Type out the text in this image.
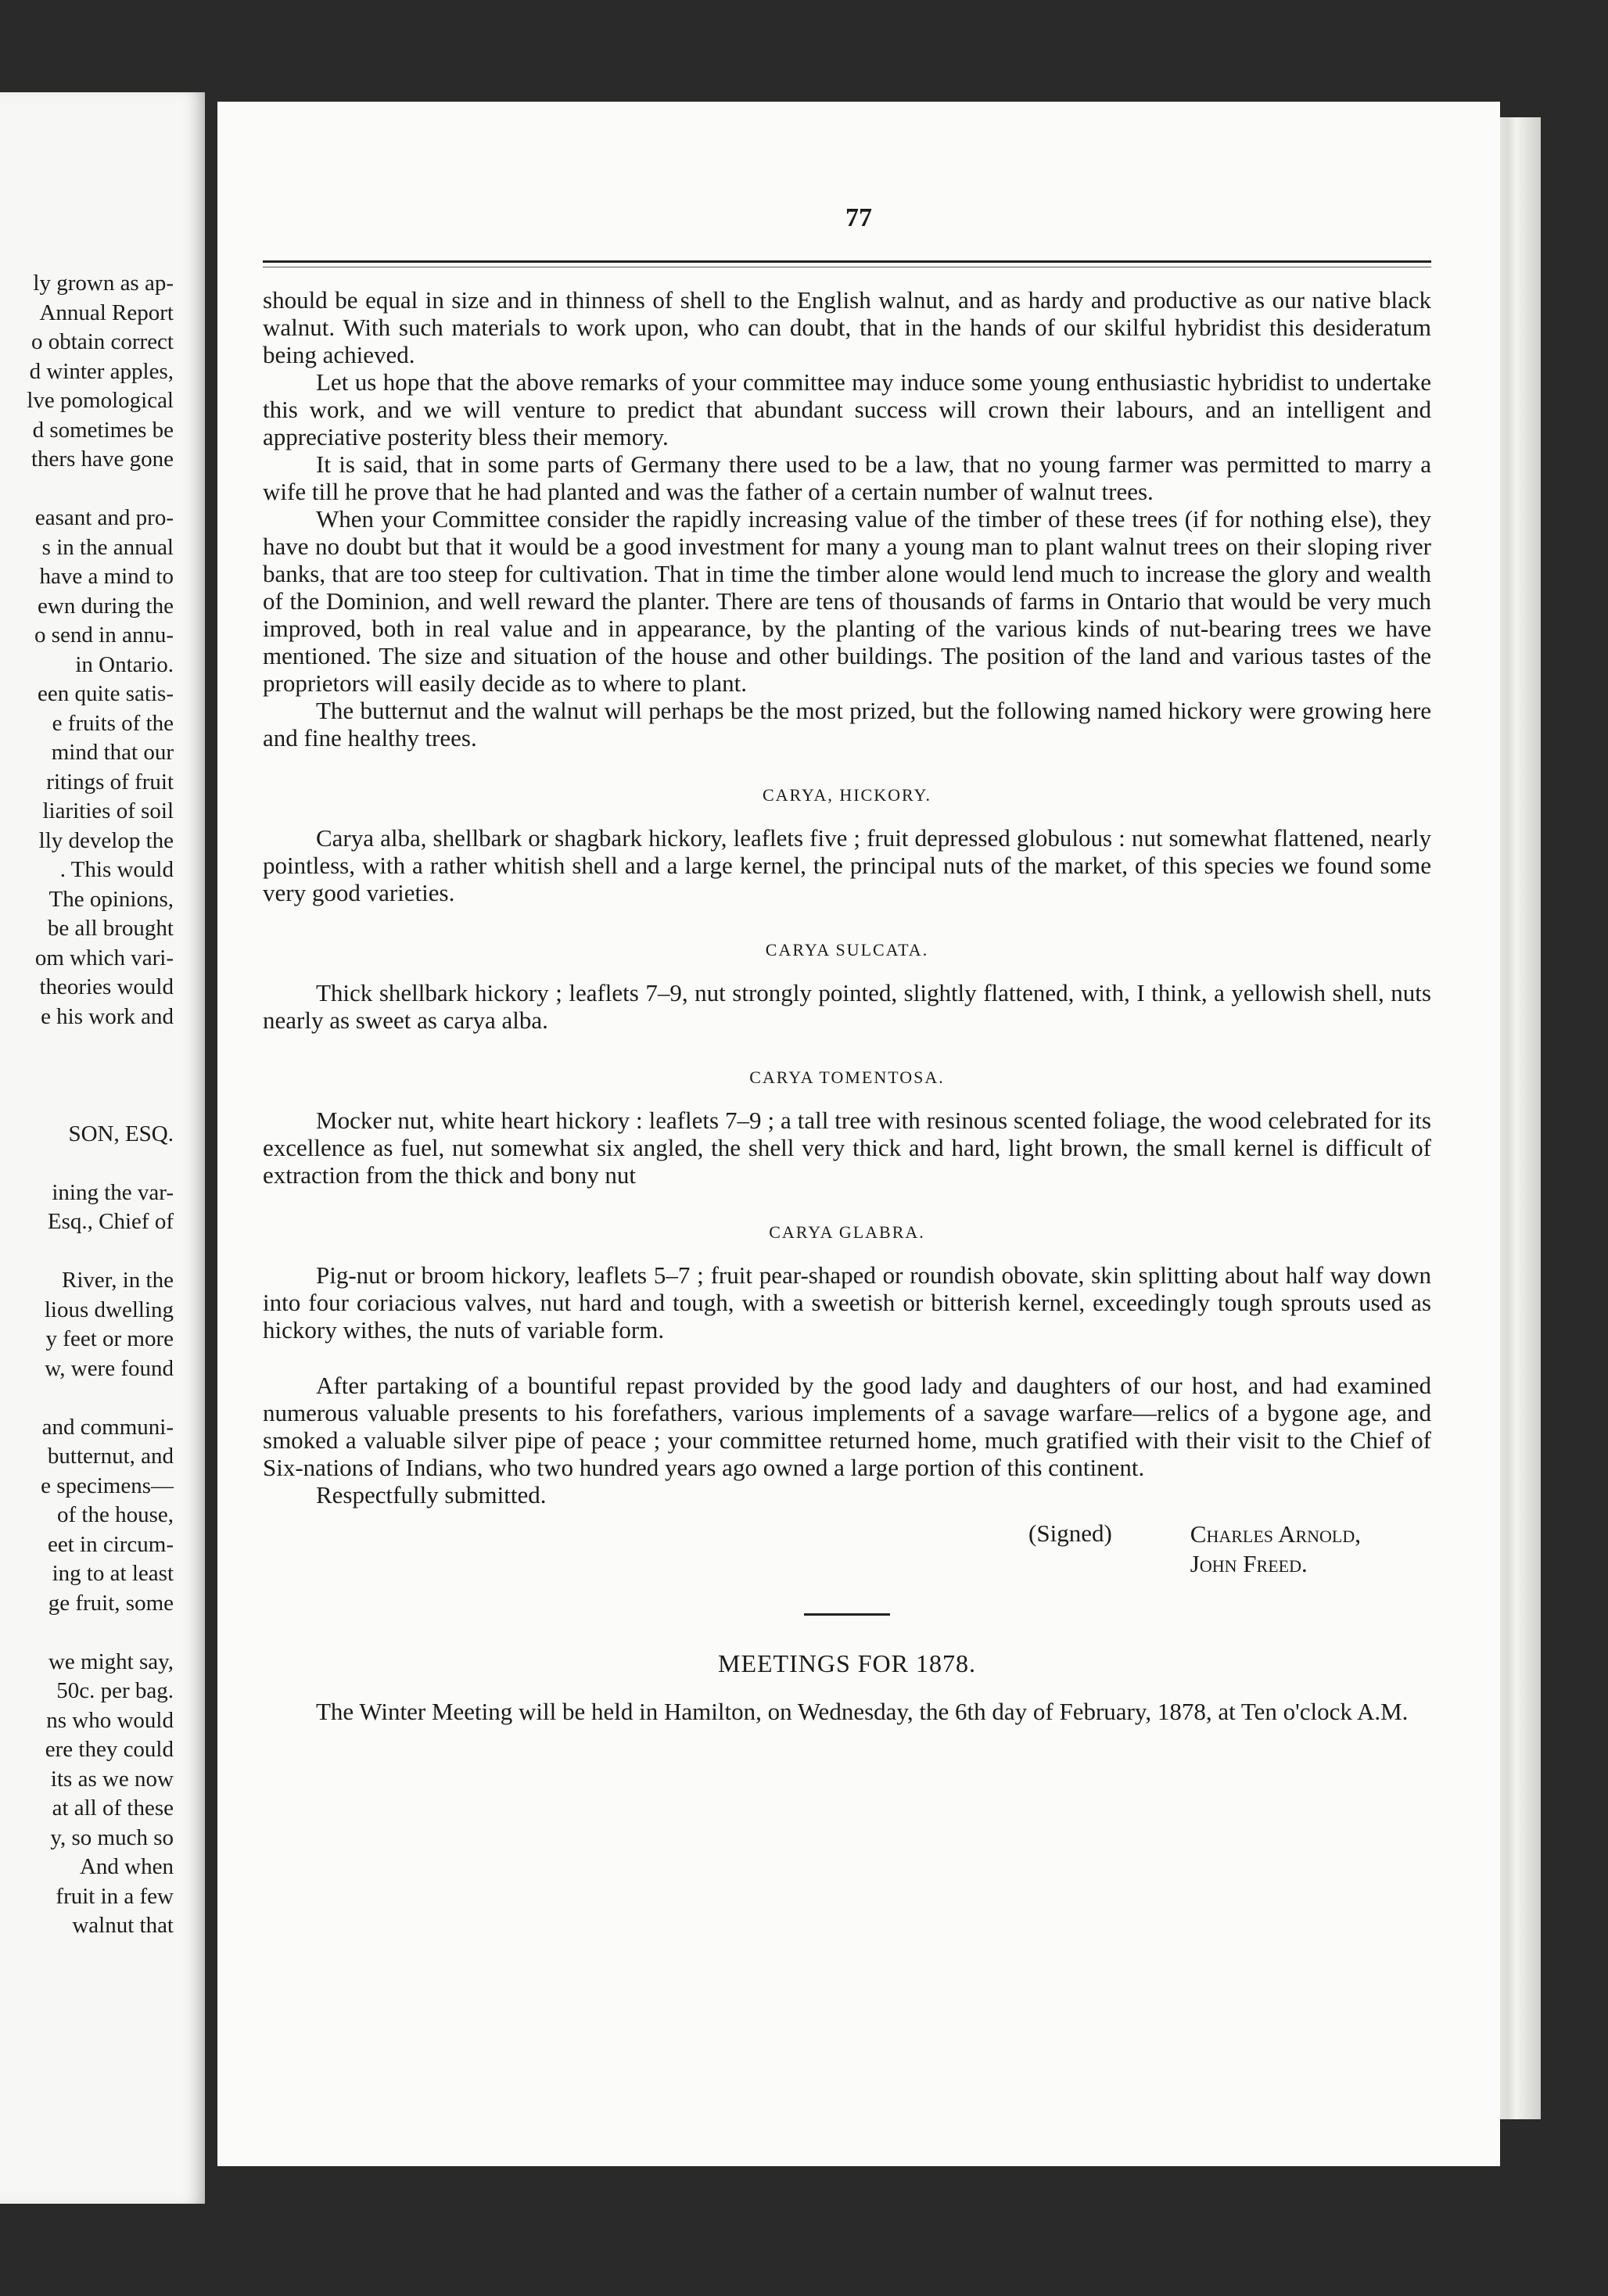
ly grown as ap-
Annual Report
o obtain correct
d winter apples,
lve pomological
d sometimes be
thers have gone
easant and pro-
s in the annual
have a mind to
ewn during the
o send in annu-
in Ontario.
een quite satis-
e fruits of the
mind that our
ritings of fruit
liarities of soil
lly develop the
. This would
The opinions,
be all brought
om which vari-
theories would
e his work and
SON, ESQ.
ining the var-
Esq., Chief of
River, in the
lious dwelling
y feet or more
w, were found
and communi-
butternut, and
e specimens—
of the house,
eet in circum-
ing to at least
ge fruit, some
we might say,
50c. per bag.
ns who would
ere they could
its as we now
at all of these
y, so much so
And when
fruit in a few
walnut that
77

should be equal in size and in thinness of shell to the English walnut, and as hardy and productive as our native black walnut. With such materials to work upon, who can doubt, that in the hands of our skilful hybridist this desideratum being achieved.

Let us hope that the above remarks of your committee may induce some young enthusiastic hybridist to undertake this work, and we will venture to predict that abundant success will crown their labours, and an intelligent and appreciative posterity bless their memory.

It is said, that in some parts of Germany there used to be a law, that no young farmer was permitted to marry a wife till he prove that he had planted and was the father of a certain number of walnut trees.

When your Committee consider the rapidly increasing value of the timber of these trees (if for nothing else), they have no doubt but that it would be a good investment for many a young man to plant walnut trees on their sloping river banks, that are too steep for cultivation. That in time the timber alone would lend much to increase the glory and wealth of the Dominion, and well reward the planter. There are tens of thousands of farms in Ontario that would be very much improved, both in real value and in appearance, by the planting of the various kinds of nut-bearing trees we have mentioned. The size and situation of the house and other buildings. The position of the land and various tastes of the proprietors will easily decide as to where to plant.

The butternut and the walnut will perhaps be the most prized, but the following named hickory were growing here and fine healthy trees.

CARYA, HICKORY.

Carya alba, shellbark or shagbark hickory, leaflets five ; fruit depressed globulous : nut somewhat flattened, nearly pointless, with a rather whitish shell and a large kernel, the principal nuts of the market, of this species we found some very good varieties.

CARYA SULCATA.

Thick shellbark hickory ; leaflets 7–9, nut strongly pointed, slightly flattened, with, I think, a yellowish shell, nuts nearly as sweet as carya alba.

CARYA TOMENTOSA.

Mocker nut, white heart hickory : leaflets 7–9 ; a tall tree with resinous scented foliage, the wood celebrated for its excellence as fuel, nut somewhat six angled, the shell very thick and hard, light brown, the small kernel is difficult of extraction from the thick and bony nut

CARYA GLABRA.

Pig-nut or broom hickory, leaflets 5–7 ; fruit pear-shaped or roundish obovate, skin splitting about half way down into four coriacious valves, nut hard and tough, with a sweetish or bitterish kernel, exceedingly tough sprouts used as hickory withes, the nuts of variable form.

After partaking of a bountiful repast provided by the good lady and daughters of our host, and had examined numerous valuable presents to his forefathers, various implements of a savage warfare—relics of a bygone age, and smoked a valuable silver pipe of peace ; your committee returned home, much gratified with their visit to the Chief of Six-nations of Indians, who two hundred years ago owned a large portion of this continent.

Respectfully submitted.

(Signed)	Charles Arnold,
John Freed.
MEETINGS FOR 1878.

The Winter Meeting will be held in Hamilton, on Wednesday, the 6th day of February, 1878, at Ten o'clock A.M.
